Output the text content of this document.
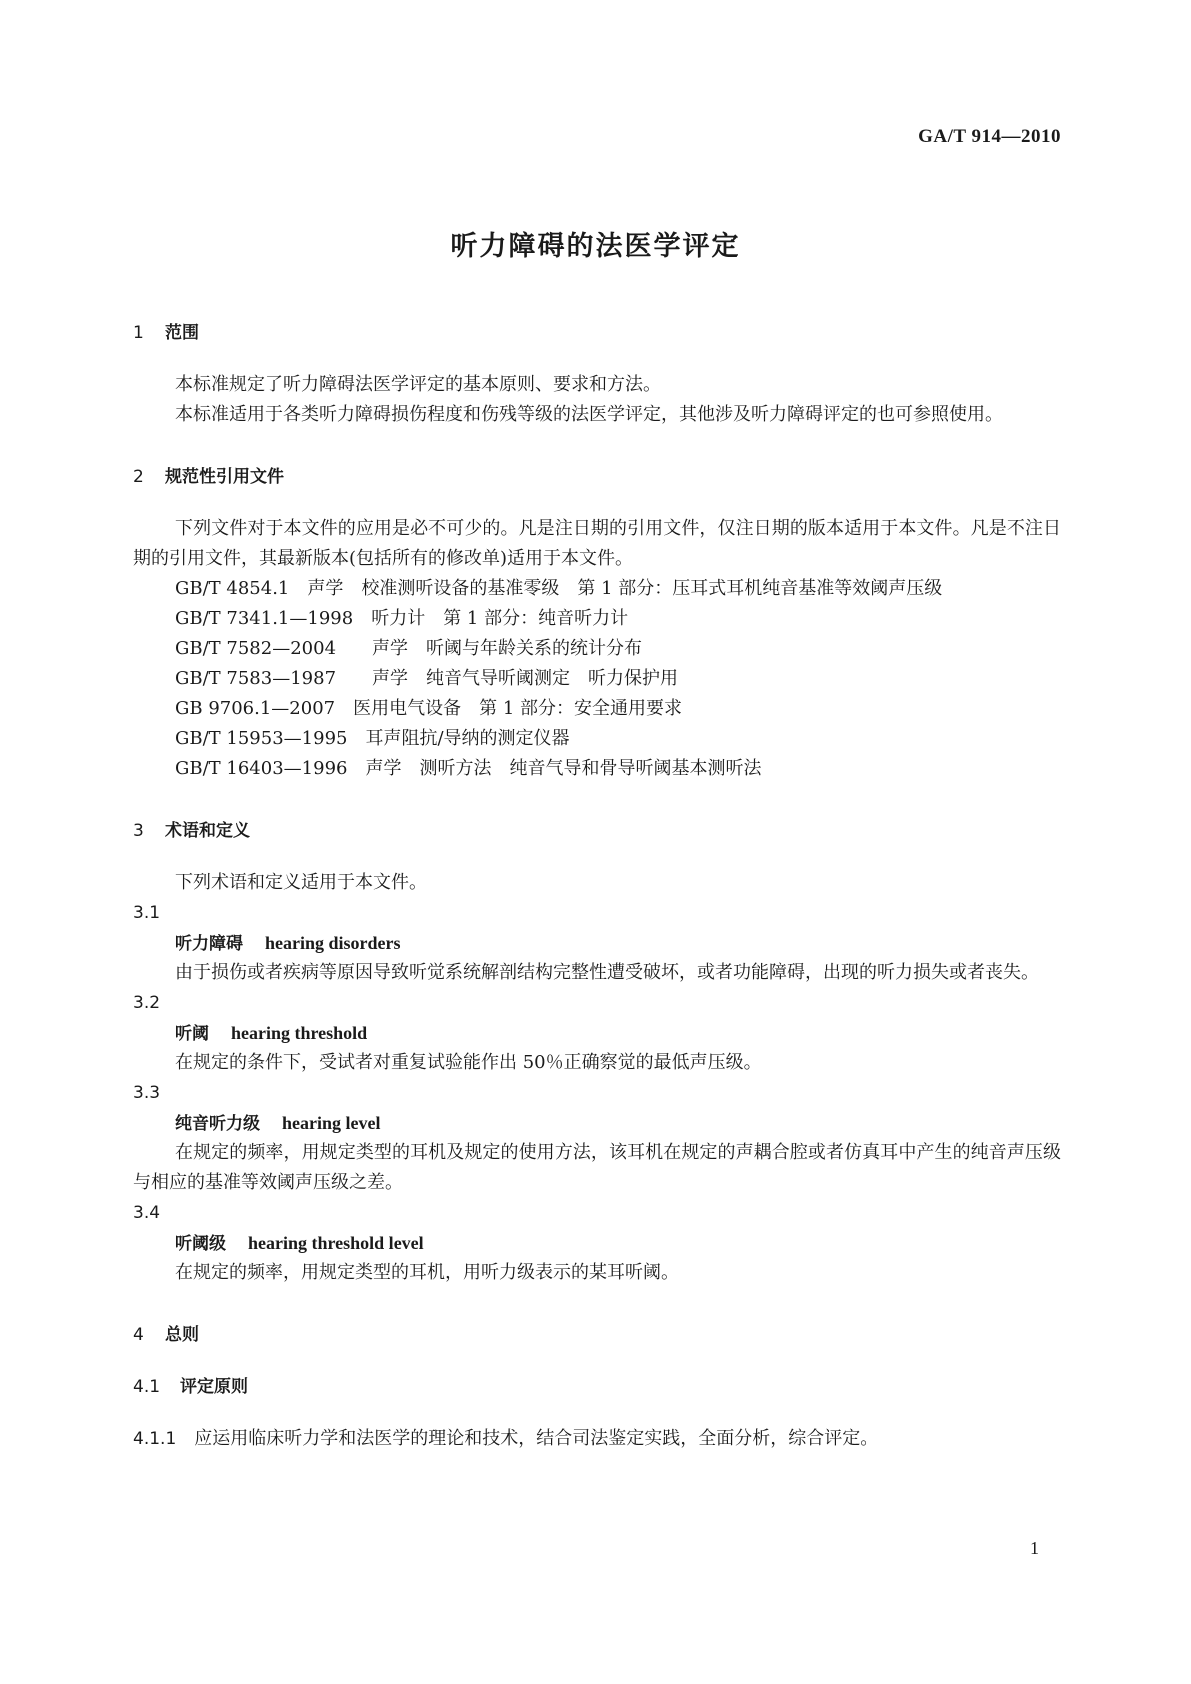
GA/T 914—2010
听力障碍的法医学评定
1 范围
本标准规定了听力障碍法医学评定的基本原则、要求和方法。
本标准适用于各类听力障碍损伤程度和伤残等级的法医学评定，其他涉及听力障碍评定的也可参照使用。
2 规范性引用文件
下列文件对于本文件的应用是必不可少的。凡是注日期的引用文件，仅注日期的版本适用于本文件。凡是不注日期的引用文件，其最新版本(包括所有的修改单)适用于本文件。
GB/T 4854.1　声学　校准测听设备的基准零级　第 1 部分：压耳式耳机纯音基准等效阈声压级
GB/T 7341.1—1998　听力计　第 1 部分：纯音听力计
GB/T 7582—2004　　声学　听阈与年龄关系的统计分布
GB/T 7583—1987　　声学　纯音气导听阈测定　听力保护用
GB 9706.1—2007　医用电气设备　第 1 部分：安全通用要求
GB/T 15953—1995　耳声阻抗/导纳的测定仪器
GB/T 16403—1996　声学　测听方法　纯音气导和骨导听阈基本测听法
3 术语和定义
下列术语和定义适用于本文件。
3.1
听力障碍 hearing disorders
由于损伤或者疾病等原因导致听觉系统解剖结构完整性遭受破坏，或者功能障碍，出现的听力损失或者丧失。
3.2
听阈 hearing threshold
在规定的条件下，受试者对重复试验能作出 50％正确察觉的最低声压级。
3.3
纯音听力级 hearing level
在规定的频率，用规定类型的耳机及规定的使用方法，该耳机在规定的声耦合腔或者仿真耳中产生的纯音声压级与相应的基准等效阈声压级之差。
3.4
听阈级 hearing threshold level
在规定的频率，用规定类型的耳机，用听力级表示的某耳听阈。
4 总则
4.1 评定原则
4.1.1 应运用临床听力学和法医学的理论和技术，结合司法鉴定实践，全面分析，综合评定。
1
